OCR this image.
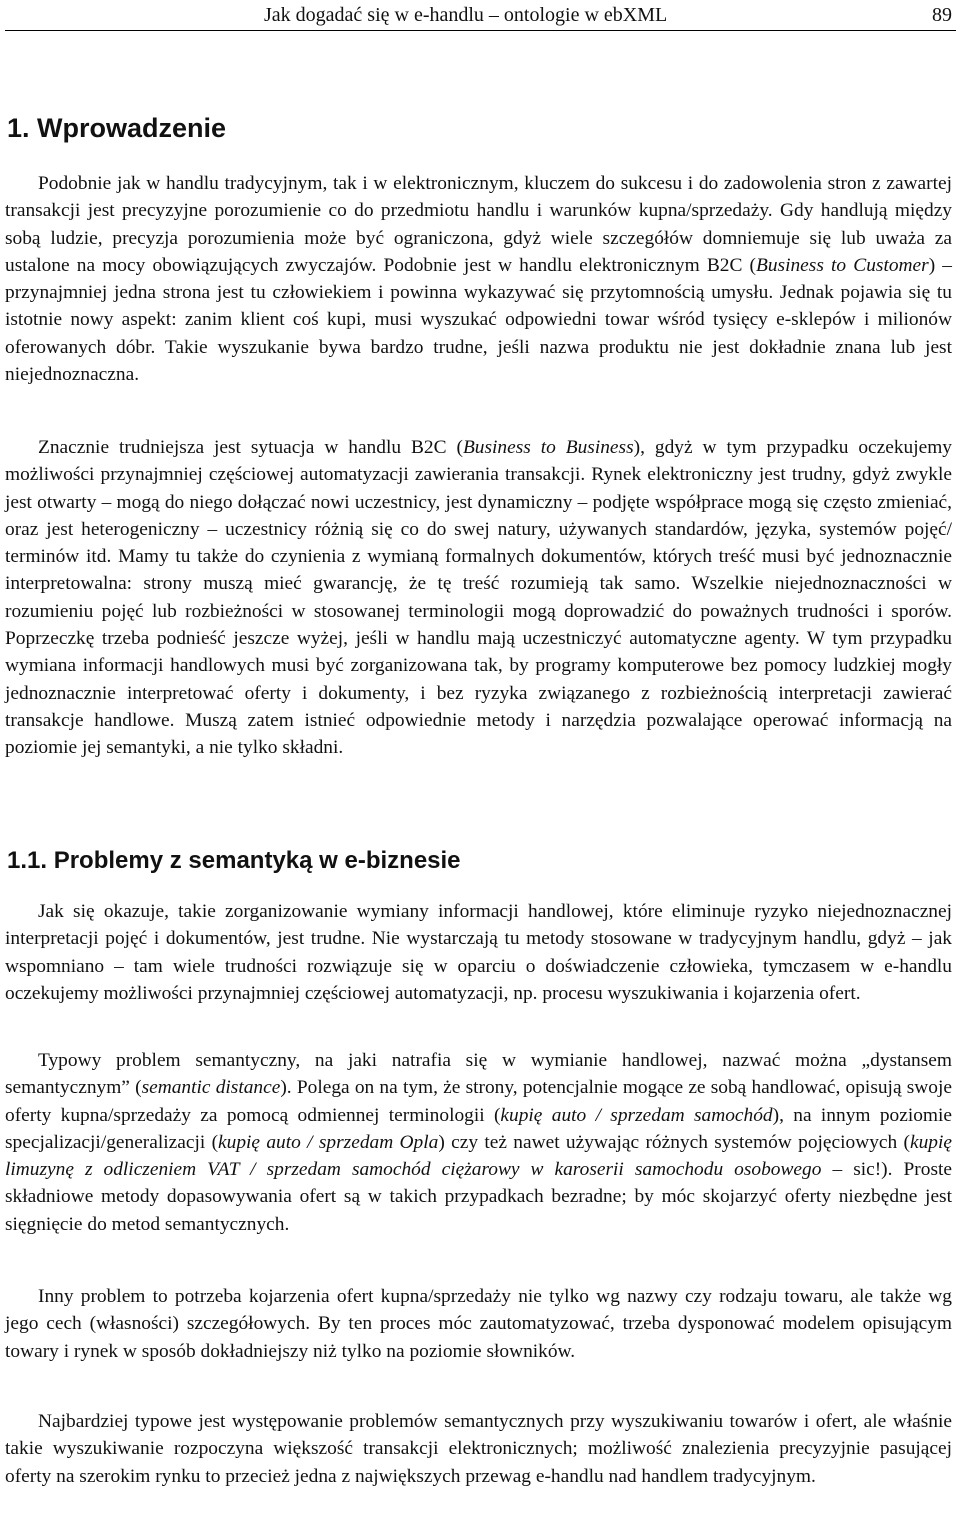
Jak dogadać się w e-handlu – ontologie w ebXML	89
1. Wprowadzenie

Podobnie jak w handlu tradycyjnym, tak i w elektronicznym, kluczem do sukcesu i do zadowolenia stron z zawartej transakcji jest precyzyjne porozumienie co do przedmiotu handlu i warunków kupna/sprzedaży. Gdy handlują między sobą ludzie, precyzja porozumienia może być ograniczona, gdyż wiele szczegółów domniemuje się lub uważa za ustalone na mocy obowiązujących zwyczajów. Podobnie jest w handlu elektronicznym B2C (Business to Customer) – przynajmniej jedna strona jest tu człowiekiem i powinna wykazywać się przytomnością umysłu. Jednak pojawia się tu istotnie nowy aspekt: zanim klient coś kupi, musi wyszukać odpowiedni towar wśród tysięcy e-sklepów i milionów oferowanych dóbr. Takie wyszukanie bywa bardzo trudne, jeśli nazwa produktu nie jest dokładnie znana lub jest niejednoznaczna.

Znacznie trudniejsza jest sytuacja w handlu B2C (Business to Business), gdyż w tym przypadku oczekujemy możliwości przynajmniej częściowej automatyzacji zawierania transakcji. Rynek elektroniczny jest trudny, gdyż zwykle jest otwarty – mogą do niego dołączać nowi uczestnicy, jest dynamiczny – podjęte współprace mogą się często zmieniać, oraz jest heterogeniczny – uczestnicy różnią się co do swej natury, używanych standardów, języka, systemów pojęć/ terminów itd. Mamy tu także do czynienia z wymianą formalnych dokumentów, których treść musi być jednoznacznie interpretowalna: strony muszą mieć gwarancję, że tę treść rozumieją tak samo. Wszelkie niejednoznaczności w rozumieniu pojęć lub rozbieżności w stosowanej terminologii mogą doprowadzić do poważnych trudności i sporów. Poprzeczkę trzeba podnieść jeszcze wyżej, jeśli w handlu mają uczestniczyć automatyczne agenty. W tym przypadku wymiana informacji handlowych musi być zorganizowana tak, by programy komputerowe bez pomocy ludzkiej mogły jednoznacznie interpretować oferty i dokumenty, i bez ryzyka związanego z rozbieżnością interpretacji zawierać transakcje handlowe. Muszą zatem istnieć odpowiednie metody i narzędzia pozwalające operować informacją na poziomie jej semantyki, a nie tylko składni.

1.1. Problemy z semantyką w e-biznesie

Jak się okazuje, takie zorganizowanie wymiany informacji handlowej, które eliminuje ryzyko niejednoznacznej interpretacji pojęć i dokumentów, jest trudne. Nie wystarczają tu metody stosowane w tradycyjnym handlu, gdyż – jak wspomniano – tam wiele trudności rozwiązuje się w oparciu o doświadczenie człowieka, tymczasem w e-handlu oczekujemy możliwości przynajmniej częściowej automatyzacji, np. procesu wyszukiwania i kojarzenia ofert.

Typowy problem semantyczny, na jaki natrafia się w wymianie handlowej, nazwać można „dystansem semantycznym” (semantic distance). Polega on na tym, że strony, potencjalnie mogące ze sobą handlować, opisują swoje oferty kupna/sprzedaży za pomocą odmiennej terminologii (kupię auto / sprzedam samochód), na innym poziomie specjalizacji/generalizacji (kupię auto / sprzedam Opla) czy też nawet używając różnych systemów pojęciowych (kupię limuzynę z odliczeniem VAT / sprzedam samochód ciężarowy w karoserii samochodu osobowego – sic!). Proste składniowe metody dopasowywania ofert są w takich przypadkach bezradne; by móc skojarzyć oferty niezbędne jest sięgnięcie do metod semantycznych.

Inny problem to potrzeba kojarzenia ofert kupna/sprzedaży nie tylko wg nazwy czy rodzaju towaru, ale także wg jego cech (własności) szczegółowych. By ten proces móc zautomatyzować, trzeba dysponować modelem opisującym towary i rynek w sposób dokładniejszy niż tylko na poziomie słowników.

Najbardziej typowe jest występowanie problemów semantycznych przy wyszukiwaniu towarów i ofert, ale właśnie takie wyszukiwanie rozpoczyna większość transakcji elektronicznych; możliwość znalezienia precyzyjnie pasującej oferty na szerokim rynku to przecież jedna z największych przewag e-handlu nad handlem tradycyjnym.
